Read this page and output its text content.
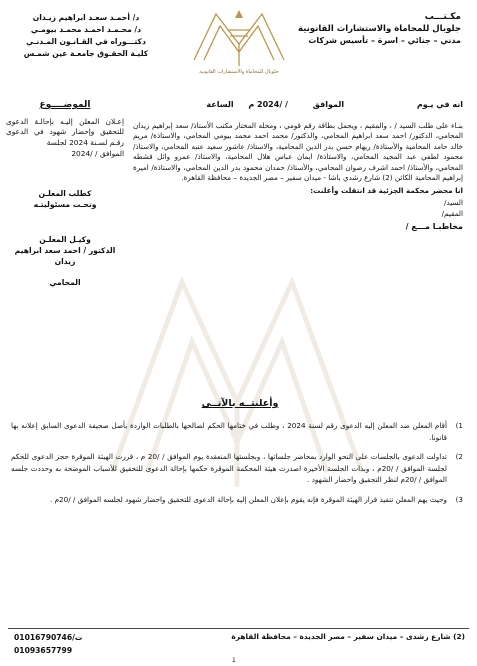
جلوبال للمحاماة والاستشارات القانونية
مكـتـــب
جلوبال للمحاماة والاستشارات القانونية
مدني – جنائي – اسرة – تأسيس شركات
د/ أحمـد سعـد ابراهيم زيـدان
د/ محـمـد احمـد محمـد بيومـي
دكتـــوراه في القـانـون المـدنـي
كليـة الحقـوق جامعـة عين شمـس
الموضــــوع
إعـلان المعلن إليـه بإحالـة الدعوى للتحقيق وإحضار شهود في الدعوى رقـم لسـنة 2024 لجلسة
الموافق / /2024
كطلب المعلـن
وتحـت مسئوليتـه
وكيـل المعلـن
الدكتور / احمد سعد ابراهيم زيدان
المحامي
انه في يـوم الموافق / /2024 م الساعة
بنـاء على طلب السيد / ، والمقيم ، ويحمل بطاقة رقم قومي ، ومحله المختار مكتب الأستاذ/ سعد إبراهيم زيدان المحامي، الدكتور/ احمد سعد ابراهيم المحامي، والدكتور/ محمد احمد محمد بيومي المحامي، والاستاذة/ مريم خالد حامد المحامية والأستاذة/ ريهام حسن بدر الدين المحامية، والاستاذ/ عاشور سعيد عنبه المحامي، والاستاذ/ محمود لطفي عبد المجيد المحامي، والاستاذة/ ايمان عباس هلال المحامية، والاستاذ/ عمرو وائل قشطه المحامي، والأستاذ/ احمد اشرف رضوان المحامي، والأستاذ/ حمدان محمود بدر الدين المحامي، والاستاذة/ اميرة إبراهيم المحامية الكائن (2) شارع رشدي باشا - ميدان سفير – مصر الجديدة – محافظة القاهرة.
انا محضر محكمة الجزئية قد انتقلت وأعلنت:
السيد/
المقيم/
مخاطبـا مـــع /
وأعلنتــه بالآتــي
1)
أقام المعلن ضد المعلن إليه الدعوى رقم لسنة 2024 ، وطلب في ختامها الحكم لصالحها بالطلبات الواردة بأصل صحيفة الدعوى السابق إعلانه بها قانونا.
2)
تداولت الدعوى بالجلسات على النحو الوارد بمحاضر جلساتها ، وبجلستها المنعقدة يوم الموافق / /20 م ، قررت الهيئة الموقرة حجز الدعوى للحكم لجلسة الموافق / /20م ، وبذات الجلسة الأخيرة اصدرت هيئة المحكمة الموقرة حكمها بإحالة الدعوى للتحقيق للأسباب الموضحة به وحددت جلسه الموافق / /20م لنظر التحقيق واحضار الشهود .
3)
وحيث يهم المعلن تنفيذ قرار الهيئة الموقرة فإنه يقوم بإعلان المعلن إليه بإحالة الدعوى للتحقيق واحضار شهود لجلسه الموافق / /20م .
(2) شارع رشدى – ميدان سفير – مصر الجديدة – محافظة القاهرة
ت/01016790746
01093657799
1
